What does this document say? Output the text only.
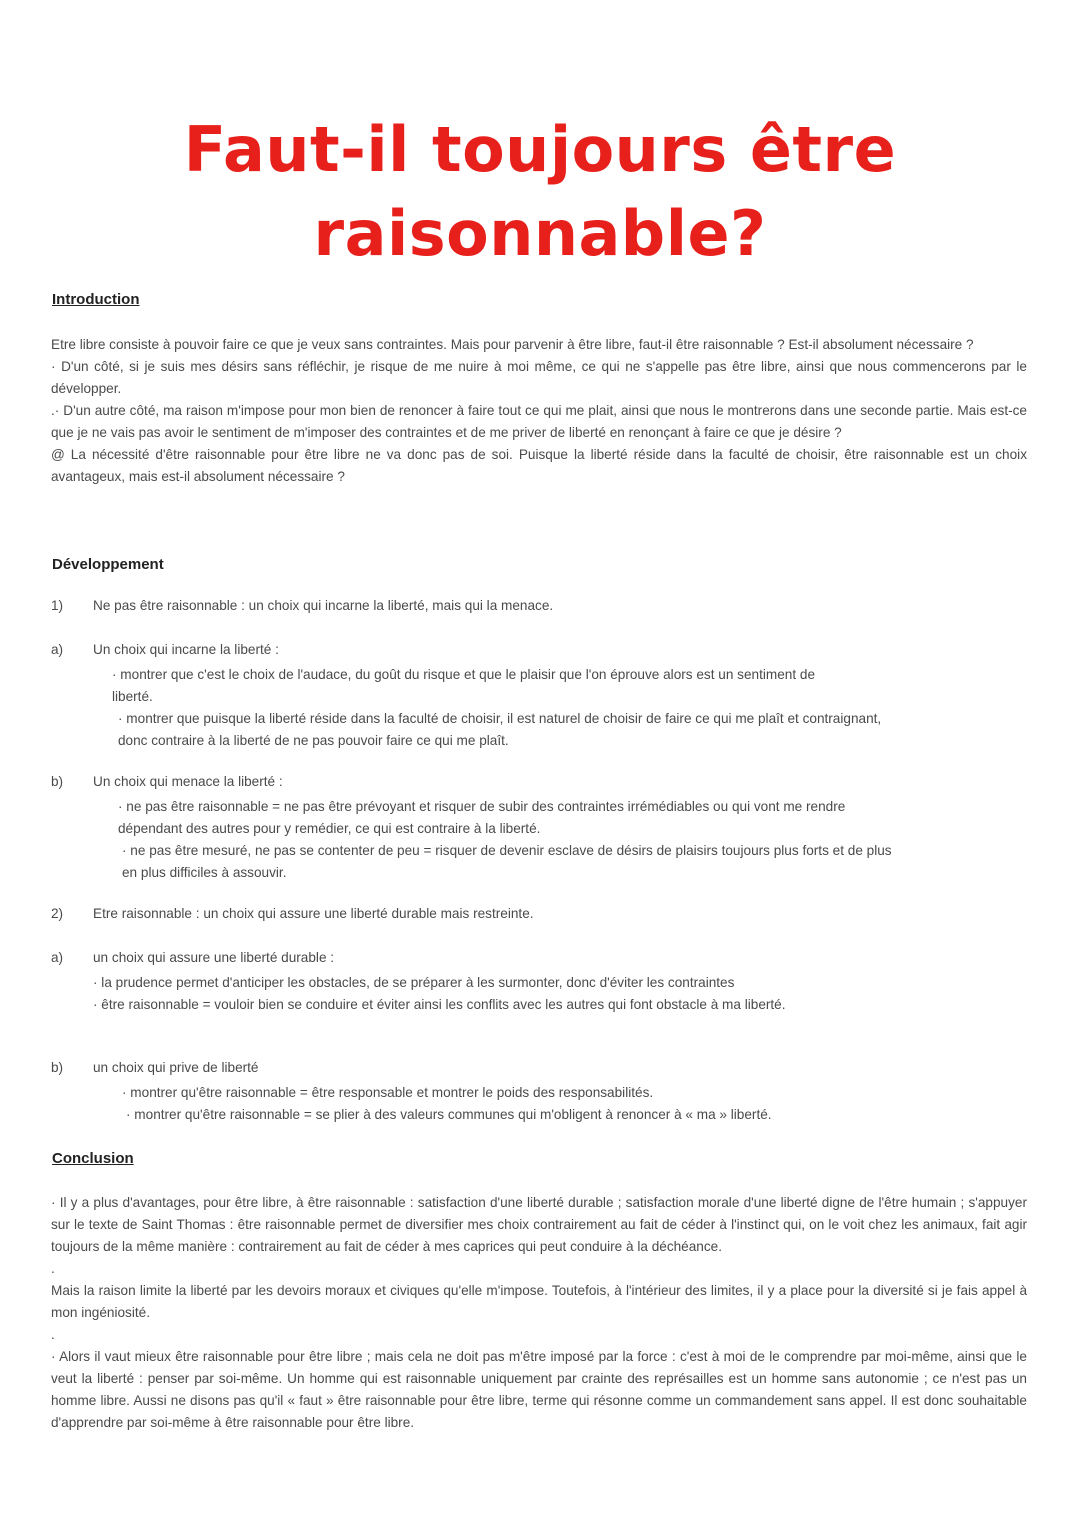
Faut-il toujours être
raisonnable?
Introduction

Etre libre consiste à pouvoir faire ce que je veux sans contraintes. Mais pour parvenir à être libre, faut-il être raisonnable ? Est-il absolument nécessaire ?

· D'un côté, si je suis mes désirs sans réfléchir, je risque de me nuire à moi même, ce qui ne s'appelle pas être libre, ainsi que nous commencerons par le développer.

.· D'un autre côté, ma raison m'impose pour mon bien de renoncer à faire tout ce qui me plait, ainsi que nous le montrerons dans une seconde partie. Mais est-ce que je ne vais pas avoir le sentiment de m'imposer des contraintes et de me priver de liberté en renonçant à faire ce que je désire ?

@ La nécessité d'être raisonnable pour être libre ne va donc pas de soi. Puisque la liberté réside dans la faculté de choisir, être raisonnable est un choix avantageux, mais est-il absolument nécessaire ?

Développement
1) Ne pas être raisonnable : un choix qui incarne la liberté, mais qui la menace.
a) Un choix qui incarne la liberté :
· montrer que c'est le choix de l'audace, du goût du risque et que le plaisir que l'on éprouve alors est un sentiment de liberté.
· montrer que puisque la liberté réside dans la faculté de choisir, il est naturel de choisir de faire ce qui me plaît et contraignant, donc contraire à la liberté de ne pas pouvoir faire ce qui me plaît.
b) Un choix qui menace la liberté :
· ne pas être raisonnable = ne pas être prévoyant et risquer de subir des contraintes irrémédiables ou qui vont me rendre dépendant des autres pour y remédier, ce qui est contraire à la liberté.
· ne pas être mesuré, ne pas se contenter de peu = risquer de devenir esclave de désirs de plaisirs toujours plus forts et de plus en plus difficiles à assouvir.
2) Etre raisonnable : un choix qui assure une liberté durable mais restreinte.
a) un choix qui assure une liberté durable :
· la prudence permet d'anticiper les obstacles, de se préparer à les surmonter, donc d'éviter les contraintes
· être raisonnable = vouloir bien se conduire et éviter ainsi les conflits avec les autres qui font obstacle à ma liberté.
b) un choix qui prive de liberté
· montrer qu'être raisonnable = être responsable et montrer le poids des responsabilités.
· montrer qu'être raisonnable = se plier à des valeurs communes qui m'obligent à renoncer à « ma » liberté.
Conclusion

· Il y a plus d'avantages, pour être libre, à être raisonnable : satisfaction d'une liberté durable ; satisfaction morale d'une liberté digne de l'être humain ; s'appuyer sur le texte de Saint Thomas : être raisonnable permet de diversifier mes choix contrairement au fait de céder à l'instinct qui, on le voit chez les animaux, fait agir toujours de la même manière : contrairement au fait de céder à mes caprices qui peut conduire à la déchéance.

.

Mais la raison limite la liberté par les devoirs moraux et civiques qu'elle m'impose. Toutefois, à l'intérieur des limites, il y a place pour la diversité si je fais appel à mon ingéniosité.

.

· Alors il vaut mieux être raisonnable pour être libre ; mais cela ne doit pas m'être imposé par la force : c'est à moi de le comprendre par moi-même, ainsi que le veut la liberté : penser par soi-même. Un homme qui est raisonnable uniquement par crainte des représailles est un homme sans autonomie ; ce n'est pas un homme libre. Aussi ne disons pas qu'il « faut » être raisonnable pour être libre, terme qui résonne comme un commandement sans appel. Il est donc souhaitable d'apprendre par soi-même à être raisonnable pour être libre.
